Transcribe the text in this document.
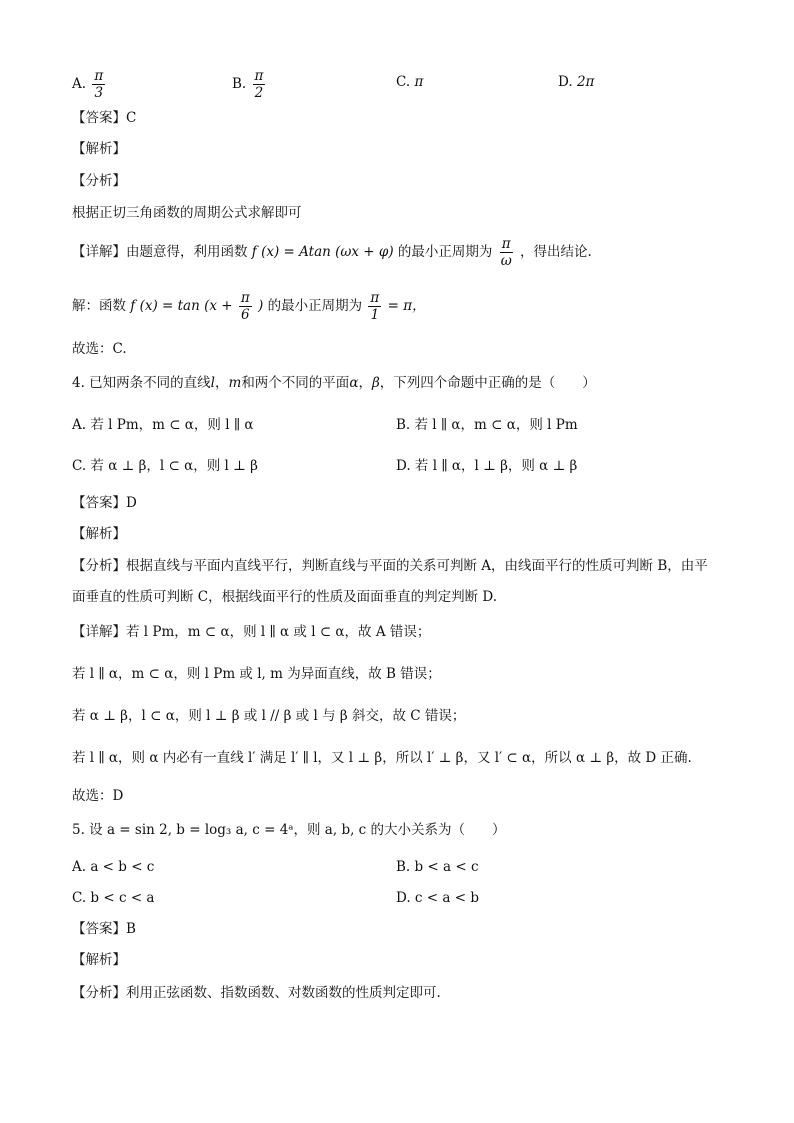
A. $\frac{\pi}{3}$	B. $\frac{\pi}{2}$	C. π	D. 2π
【答案】C
【解析】
【分析】
根据正切三角函数的周期公式求解即可
【详解】由题意得，利用函数 f (x) = Atan (ωx + φ) 的最小正周期为 $\frac{\pi}{\omega}$ ，得出结论.
解：函数 f $(x) = \tan (x + \frac{\pi}{6}$ ) 的最小正周期为 $\frac{\pi}{1} = \pi$，
故选：C.
4. 已知两条不同的直线l，m和两个不同的平面α，β，下列四个命题中正确的是（　　）
A. 若 l Pm，m ⊂ α，则 l ∥ α	B. 若 l ∥ α，m ⊂ α，则 l Pm
C. 若 α ⊥ β，l ⊂ α，则 l ⊥ β	D. 若 l ∥ α，l ⊥ β，则 α ⊥ β
【答案】D
【解析】
【分析】根据直线与平面内直线平行，判断直线与平面的关系可判断 A，由线面平行的性质可判断 B，由平
面垂直的性质可判断 C，根据线面平行的性质及面面垂直的判定判断 D.
【详解】若 l Pm，m ⊂ α，则 l ∥ α 或 l ⊂ α，故 A 错误；
若 l ∥ α，m ⊂ α，则 l Pm 或 l, m 为异面直线，故 B 错误；
若 α ⊥ β，l ⊂ α，则 l ⊥ β 或 l // β 或 l 与 β 斜交，故 C 错误；
若 l ∥ α，则 α 内必有一直线 l′ 满足 l′ ∥ l，又 l ⊥ β，所以 l′ ⊥ β，又 l′ ⊂ α，所以 α ⊥ β，故 D 正确.
故选：D
5. 设 a = sin 2, b = log₃ a, c = 4ᵃ，则 a, b, c 的大小关系为（　　）
A. a < b < c	B. b < a < c
C. b < c < a	D. c < a < b
【答案】B
【解析】
【分析】利用正弦函数、指数函数、对数函数的性质判定即可.
